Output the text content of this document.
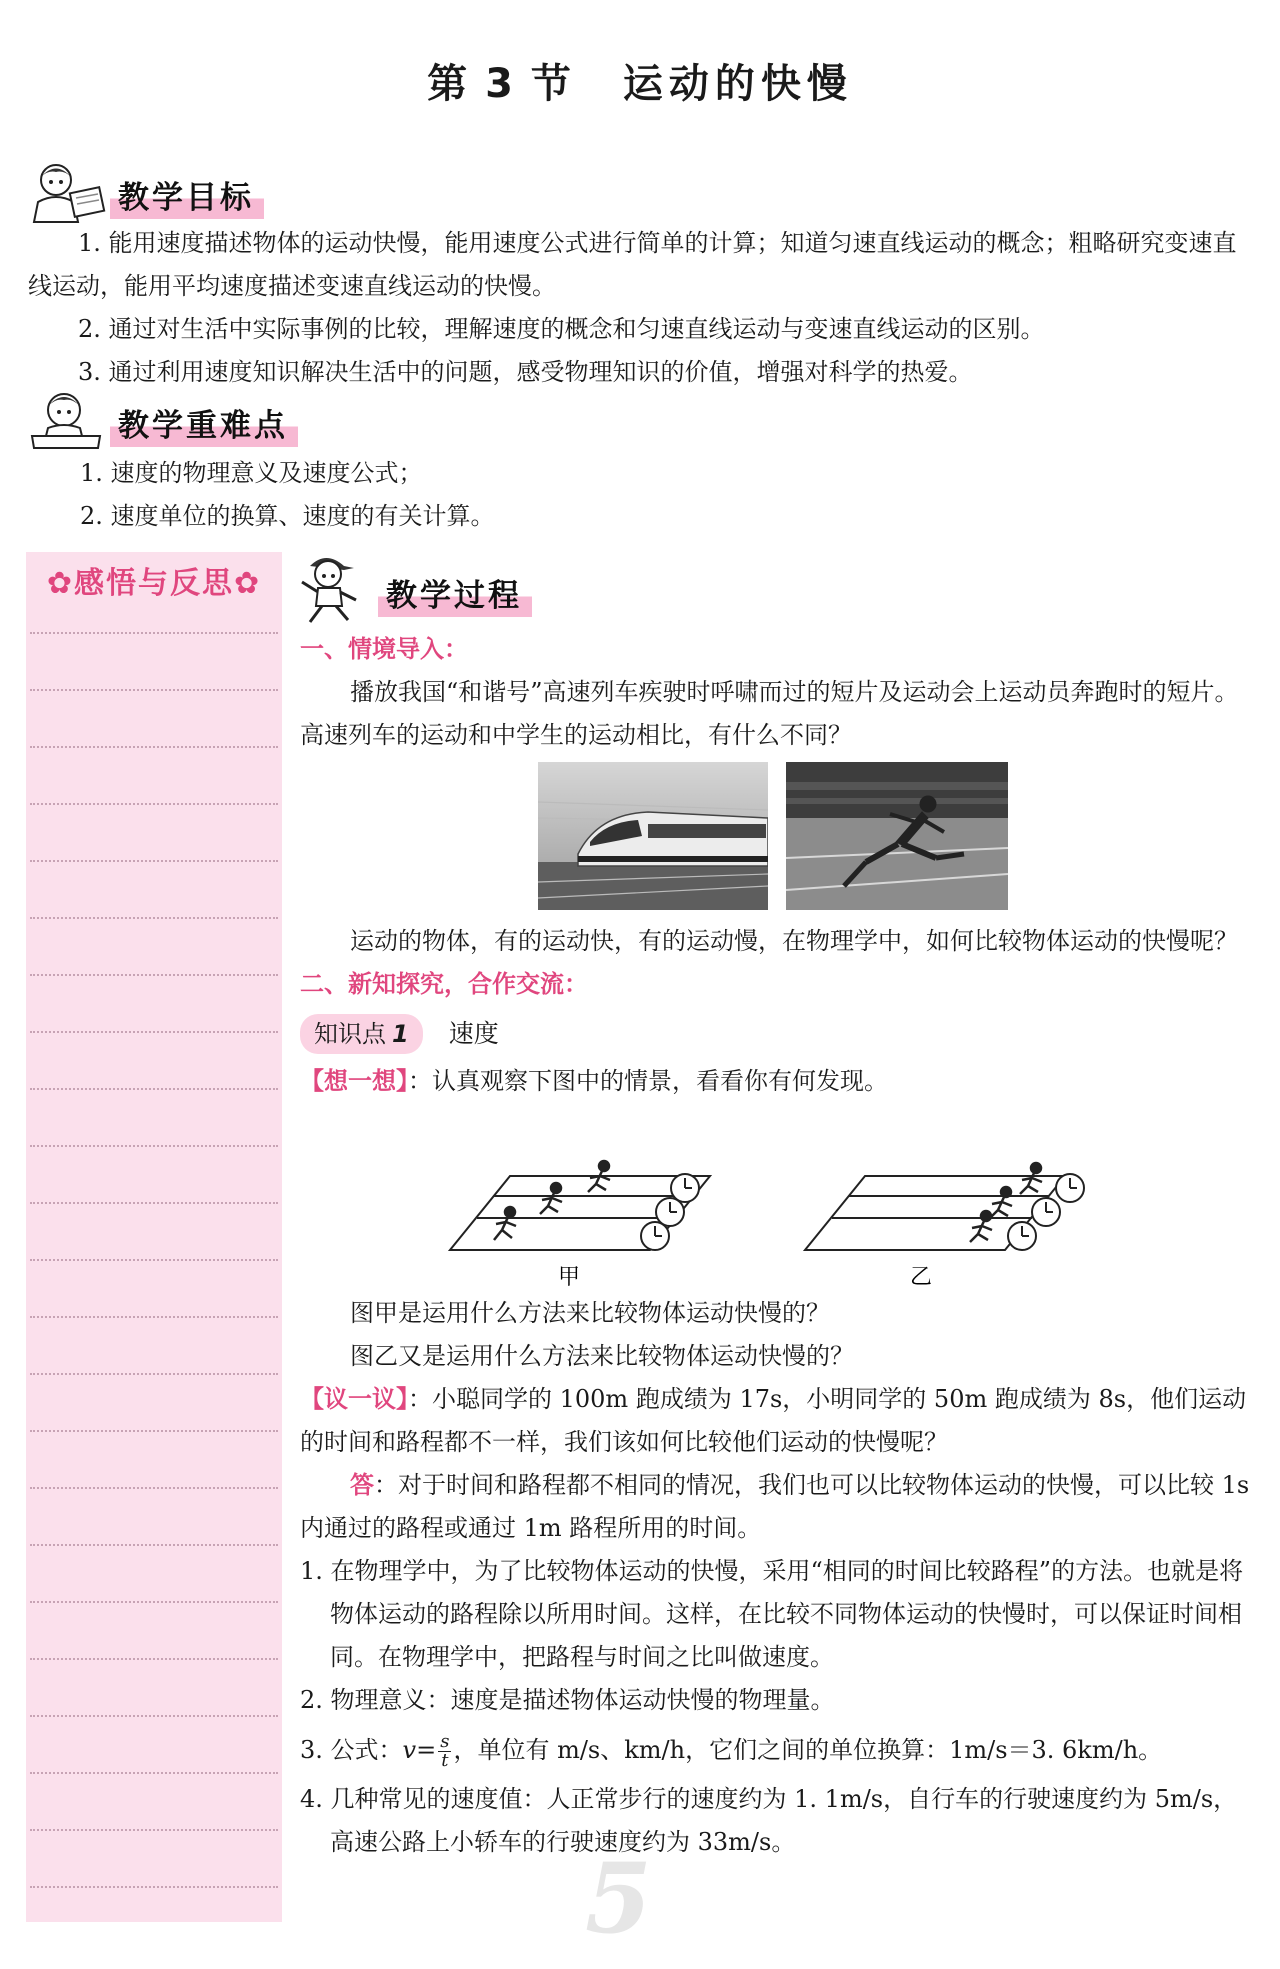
第 3 节 运动的快慢
教学目标

1. 能用速度描述物体的运动快慢，能用速度公式进行简单的计算；知道匀速直线运动的概念；粗略研究变速直线运动，能用平均速度描述变速直线运动的快慢。

2. 通过对生活中实际事例的比较，理解速度的概念和匀速直线运动与变速直线运动的区别。

3. 通过利用速度知识解决生活中的问题，感受物理知识的价值，增强对科学的热爱。

教学重难点

1. 速度的物理意义及速度公式；

2. 速度单位的换算、速度的有关计算。

✿感悟与反思✿	教学过程

一、情境导入：

播放我国“和谐号”高速列车疾驶时呼啸而过的短片及运动会上运动员奔跑时的短片。高速列车的运动和中学生的运动相比，有什么不同？

运动的物体，有的运动快，有的运动慢，在物理学中，如何比较物体运动的快慢呢？

二、新知探究，合作交流：

知识点 1 速度

【想一想】：认真观察下图中的情景，看看你有何发现。

甲	乙

图甲是运用什么方法来比较物体运动快慢的？

图乙又是运用什么方法来比较物体运动快慢的？

【议一议】：小聪同学的 100m 跑成绩为 17s，小明同学的 50m 跑成绩为 8s，他们运动的时间和路程都不一样，我们该如何比较他们运动的快慢呢？

答：对于时间和路程都不相同的情况，我们也可以比较物体运动的快慢，可以比较 1s 内通过的路程或通过 1m 路程所用的时间。

1. 在物理学中，为了比较物体运动的快慢，采用“相同的时间比较路程”的方法。也就是将物体运动的路程除以所用时间。这样，在比较不同物体运动的快慢时，可以保证时间相同。在物理学中，把路程与时间之比叫做速度。

2. 物理意义：速度是描述物体运动快慢的物理量。

3. 公式：$v= \frac{s}{t}$ ，单位有 m/s、km/h，它们之间的单位换算：1m/s＝3. 6km/h。

4. 几种常见的速度值：人正常步行的速度约为 1. 1m/s，自行车的行驶速度约为 5m/s，高速公路上小轿车的行驶速度约为 33m/s。

5
